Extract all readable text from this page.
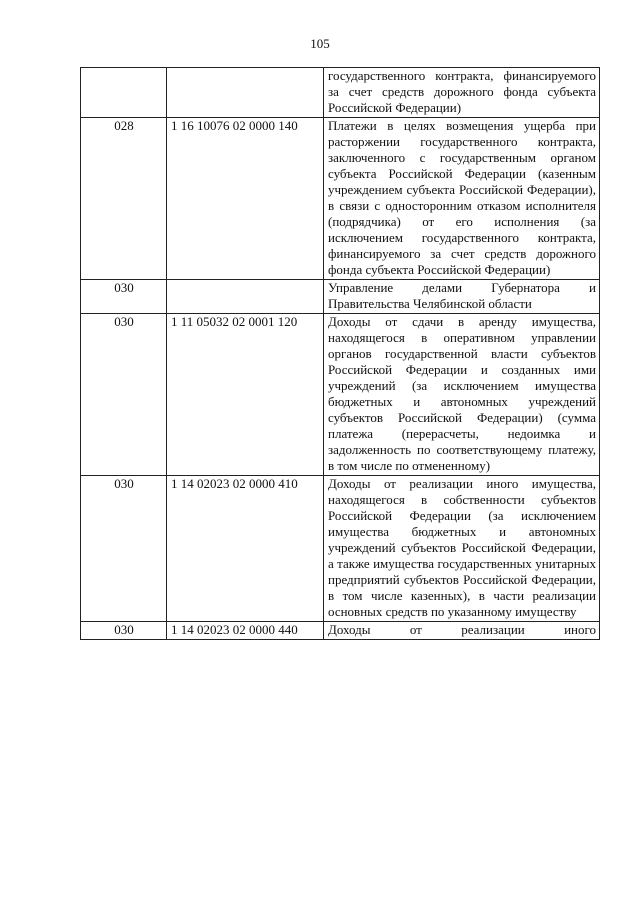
105
		государственного контракта, финансируемого за счет средств дорожного фонда субъекта Российской Федерации)
028	1 16 10076 02 0000 140	Платежи в целях возмещения ущерба при расторжении государственного контракта, заключенного с государственным органом субъекта Российской Федерации (казенным учреждением субъекта Российской Федерации), в связи с односторонним отказом исполнителя (подрядчика) от его исполнения (за исключением государственного контракта, финансируемого за счет средств дорожного фонда субъекта Российской Федерации)
030		Управление делами Губернатора и Правительства Челябинской области
030	1 11 05032 02 0001 120	Доходы от сдачи в аренду имущества, находящегося в оперативном управлении органов государственной власти субъектов Российской Федерации и созданных ими учреждений (за исключением имущества бюджетных и автономных учреждений субъектов Российской Федерации) (сумма платежа (перерасчеты, недоимка и задолженность по соответствующему платежу, в том числе по отмененному)
030	1 14 02023 02 0000 410	Доходы от реализации иного имущества, находящегося в собственности субъектов Российской Федерации (за исключением имущества бюджетных и автономных учреждений субъектов Российской Федерации, а также имущества государственных унитарных предприятий субъектов Российской Федерации, в том числе казенных), в части реализации основных средств по указанному имуществу
030	1 14 02023 02 0000 440	Доходы от реализации иного
